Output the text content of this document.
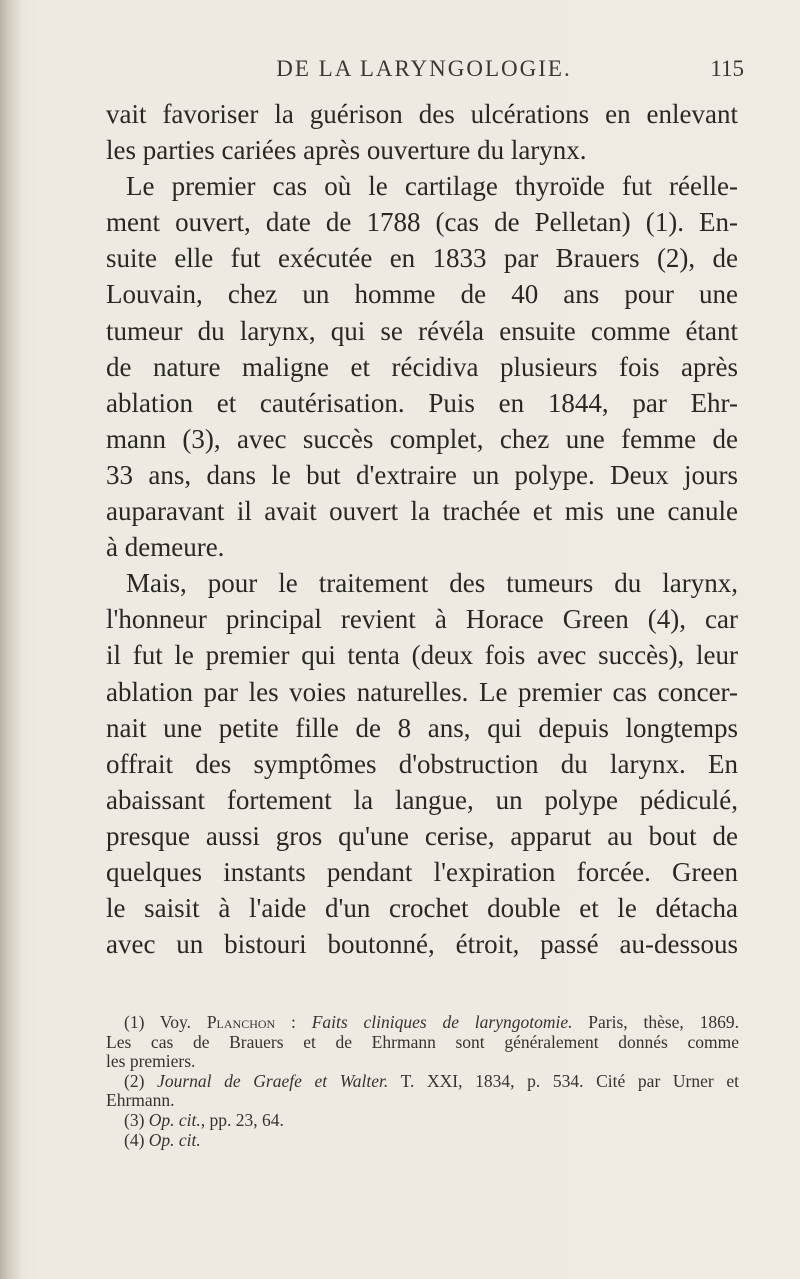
DE LA LARYNGOLOGIE.	115
vait favoriser la guérison des ulcérations en enlevant
les parties cariées après ouverture du larynx.
Le premier cas où le cartilage thyroïde fut réelle-
ment ouvert, date de 1788 (cas de Pelletan) (1). En-
suite elle fut exécutée en 1833 par Brauers (2), de
Louvain, chez un homme de 40 ans pour une
tumeur du larynx, qui se révéla ensuite comme étant
de nature maligne et récidiva plusieurs fois après
ablation et cautérisation. Puis en 1844, par Ehr-
mann (3), avec succès complet, chez une femme de
33 ans, dans le but d'extraire un polype. Deux jours
auparavant il avait ouvert la trachée et mis une canule
à demeure.
Mais, pour le traitement des tumeurs du larynx,
l'honneur principal revient à Horace Green (4), car
il fut le premier qui tenta (deux fois avec succès), leur
ablation par les voies naturelles. Le premier cas concer-
nait une petite fille de 8 ans, qui depuis longtemps
offrait des symptômes d'obstruction du larynx. En
abaissant fortement la langue, un polype pédiculé,
presque aussi gros qu'une cerise, apparut au bout de
quelques instants pendant l'expiration forcée. Green
le saisit à l'aide d'un crochet double et le détacha
avec un bistouri boutonné, étroit, passé au-dessous
(1) Voy. Planchon : Faits cliniques de laryngotomie. Paris, thèse, 1869.
Les cas de Brauers et de Ehrmann sont généralement donnés comme
les premiers.
(2) Journal de Graefe et Walter. T. XXI, 1834, p. 534. Cité par Urner et
Ehrmann.
(3) Op. cit., pp. 23, 64.
(4) Op. cit.
